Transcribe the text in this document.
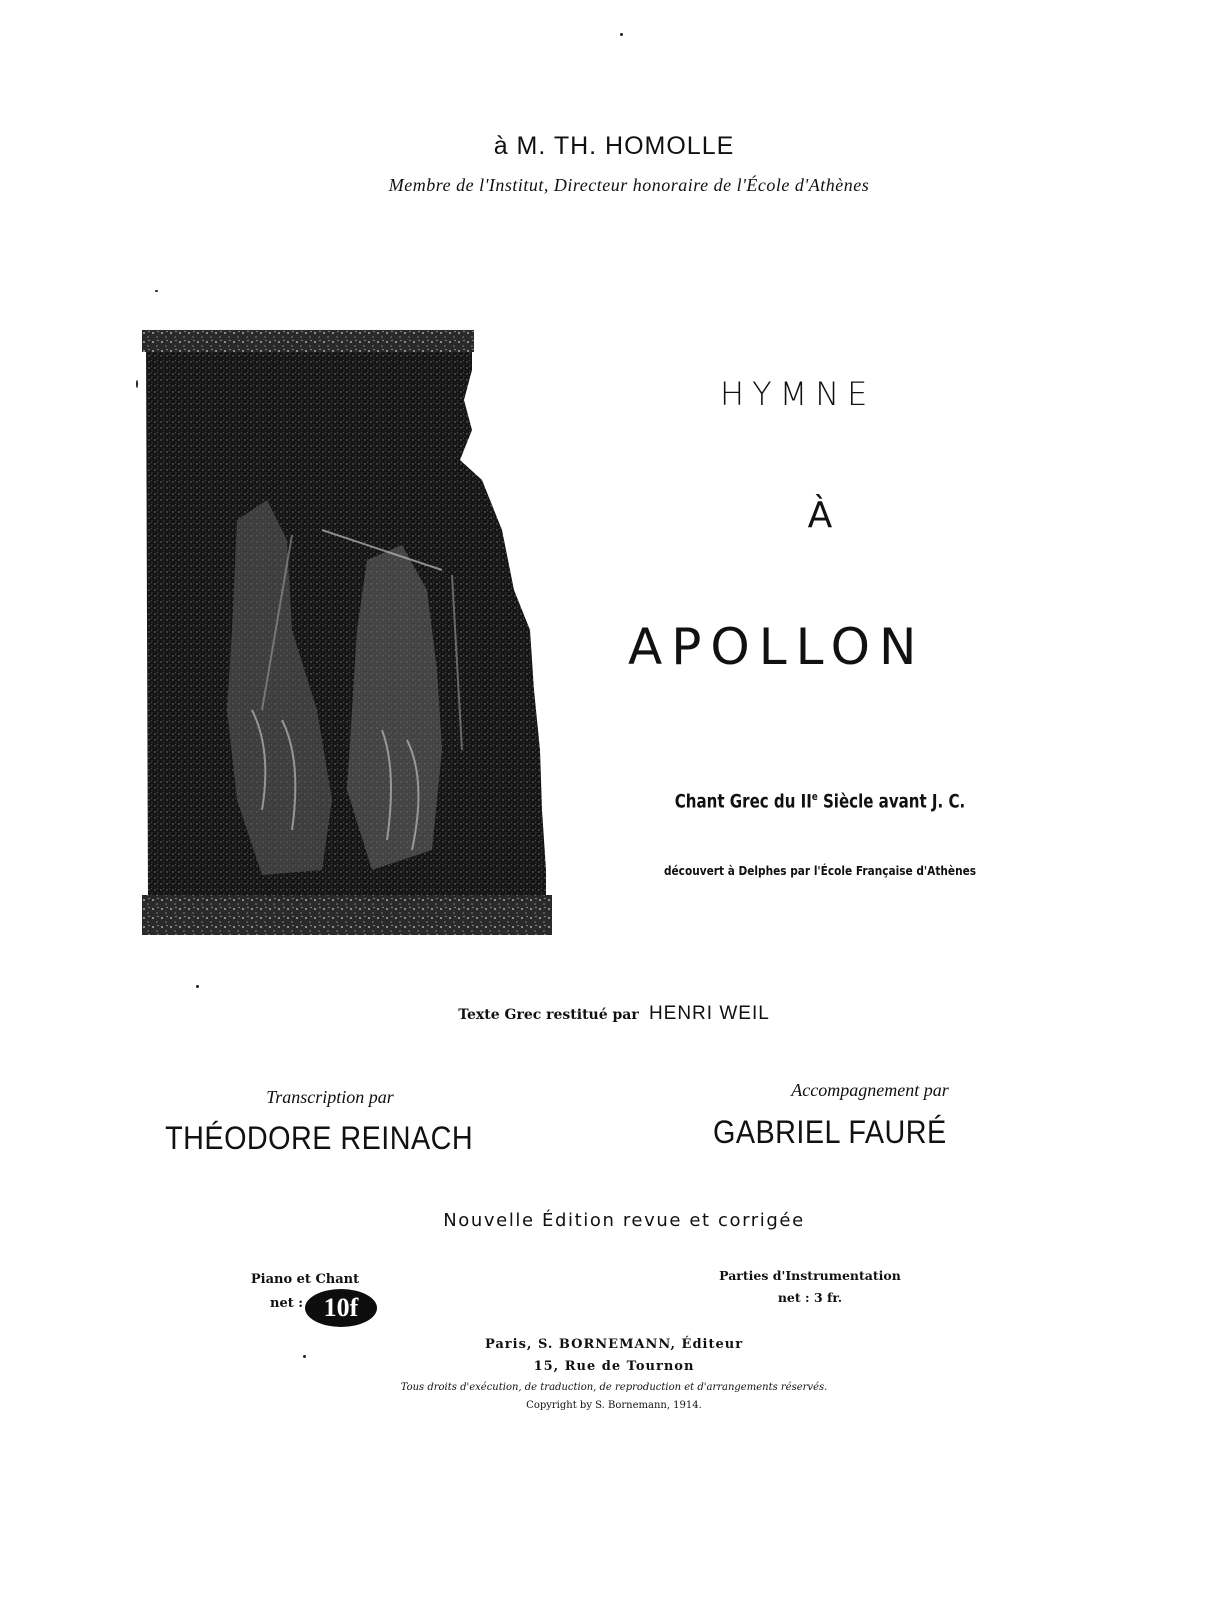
à M. TH. HOMOLLE
Membre de l'Institut, Directeur honoraire de l'École d'Athènes
HYMNE
À
APOLLON
Chant Grec du IIe Siècle avant J. C.
découvert à Delphes par l'École Française d'Athènes
Texte Grec restitué par HENRI WEIL
Transcription par	Accompagnement par
THÉODORE REINACH	GABRIEL FAURÉ
Nouvelle Édition revue et corrigée
Piano et Chant
net : 10f
Parties d'Instrumentation
net : 3 fr.
Paris, S. BORNEMANN, Éditeur
15, Rue de Tournon
Tous droits d'exécution, de traduction, de reproduction et d'arrangements réservés.
Copyright by S. Bornemann, 1914.
